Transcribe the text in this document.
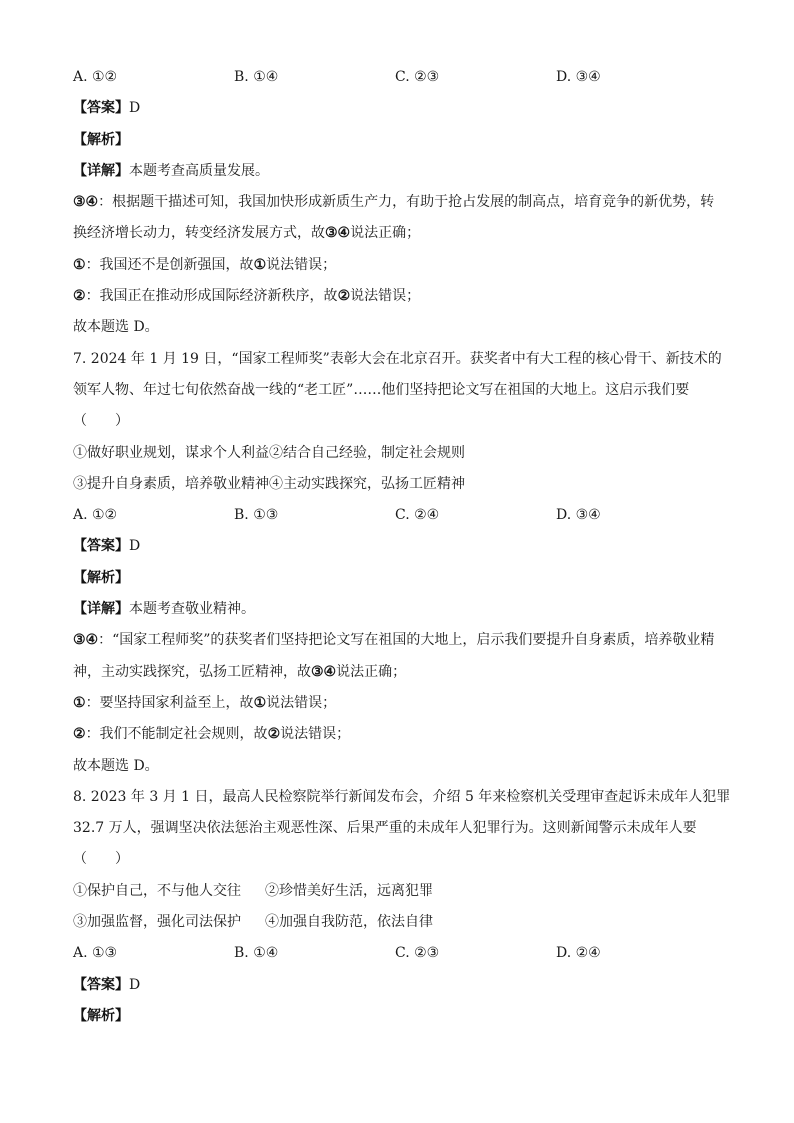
A. ①②	B. ①④	C. ②③	D. ③④
【答案】D
【解析】
【详解】本题考查高质量发展。
③④：根据题干描述可知，我国加快形成新质生产力，有助于抢占发展的制高点，培育竞争的新优势，转
换经济增长动力，转变经济发展方式，故③④说法正确；
①：我国还不是创新强国，故①说法错误；
②：我国正在推动形成国际经济新秩序，故②说法错误；
故本题选 D。
7. 2024 年 1 月 19 日，“国家工程师奖”表彰大会在北京召开。获奖者中有大工程的核心骨干、新技术的
领军人物、年过七旬依然奋战一线的“老工匠”……他们坚持把论文写在祖国的大地上。这启示我们要
（　　）
①做好职业规划，谋求个人利益②结合自己经验，制定社会规则
③提升自身素质，培养敬业精神④主动实践探究，弘扬工匠精神
A. ①②	B. ①③	C. ②④	D. ③④
【答案】D
【解析】
【详解】本题考查敬业精神。
③④：“国家工程师奖”的获奖者们坚持把论文写在祖国的大地上，启示我们要提升自身素质，培养敬业精
神，主动实践探究，弘扬工匠精神，故③④说法正确；
①：要坚持国家利益至上，故①说法错误；
②：我们不能制定社会规则，故②说法错误；
故本题选 D。
8. 2023 年 3 月 1 日，最高人民检察院举行新闻发布会，介绍 5 年来检察机关受理审查起诉未成年人犯罪
32.7 万人，强调坚决依法惩治主观恶性深、后果严重的未成年人犯罪行为。这则新闻警示未成年人要
（　　）
①保护自己，不与他人交往 ②珍惜美好生活，远离犯罪
③加强监督，强化司法保护 ④加强自我防范，依法自律
A. ①③	B. ①④	C. ②③	D. ②④
【答案】D
【解析】
